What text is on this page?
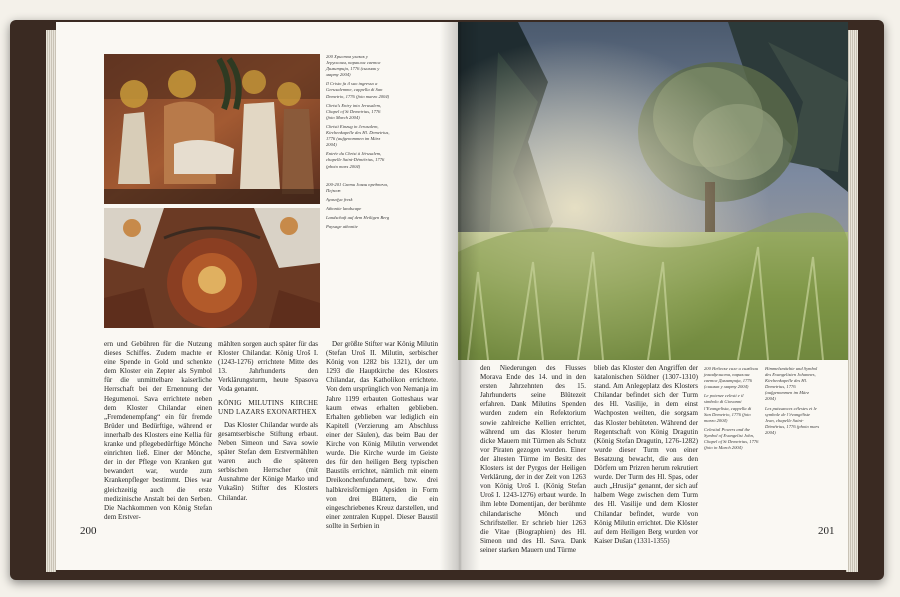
200 Христов улазак у Јерусалим, параклис светог Димитрија, 1776 (снимак у марту 2004)

Il Cristo fa il suo ingresso a Gerusalemme, cappella di San Demetrio, 1776 (foto marzo 2004)

Christ’s Entry into Jerusalem, Chapel of St Demetrius, 1776 (foto March 2004)

Christi Einzug in Jerusalem, Kirchenkapelle des Hl. Demetrius, 1776 (aufgenommen im März 2004)

Entrée du Christ à Jérusalem, chapelle Saint-Démétrius, 1776 (photo mars 2004)

200-201 Свети Јован предтеча, Пејзаж

Ayasofya fresk

Athonite landscape

Landschaft auf dem Heiligen Berg

Paysage athonite

ern und Gebühren für die Nutzung dieses Schiffes. Zudem machte er eine Spende in Gold und schenkte dem Kloster ein Zepter als Symbol für die unmittelbare kaiserliche Herrschaft bei der Ernennung der Hegumenoi. Sava errichtete neben dem Kloster Chilandar einen „Fremdenempfang“ ein für fremde Brüder und Bedürftige, während er innerhalb des Klosters eine Kellia für kranke und pflegebedürftige Mönche einrichten ließ. Einer der Mönche, der in der Pflege von Kranken gut bewandert war, wurde zum Krankenpfleger bestimmt. Dies war gleichzeitig auch die erste medizinische Anstalt bei den Serben. Die Nachkommen von König Stefan dem Erstver-

mählten sorgen auch später für das Kloster Chilandar. König Uroš I. (1243-1276) errichtete Mitte des 13. Jahrhunderts den Verklärungsturm, heute Spasova Voda genannt.

KÖNIG MILUTINS KIRCHE UND LAZARS EXONARTHEX

Das Kloster Chilandar wurde als gesamtserbische Stiftung erbaut. Neben Simeon und Sava sowie später Stefan dem Erstvermählten waren auch die späteren serbischen Herrscher (mit Ausnahme der Könige Marko und Vukašin) Stifter des Klosters Chilandar.

Der größte Stifter war König Milutin (Stefan Uroš II. Milutin, serbischer König von 1282 bis 1321), der um 1293 die Hauptkirche des Klosters Chilandar, das Katholikon errichtete. Von dem ursprünglich von Nemanja im Jahre 1199 erbauten Gotteshaus war kaum etwas erhalten geblieben. Erhalten geblieben war lediglich ein Kapitell (Verzierung am Abschluss einer der Säulen), das beim Bau der Kirche von König Milutin verwendet wurde. Die Kirche wurde im Geiste des für den heiligen Berg typischen Baustils errichtet, nämlich mit einem Dreikonchenfundament, bzw. drei halbkreisförmigen Apsiden in Form von drei Blättern, die ein eingeschriebenes Kreuz darstellen, und einer zentralen Kuppel. Dieser Baustil sollte in Serbien in

200

200 Небеске силе и симболи јеванђелиста, параклис светог Димитрија, 1776 (снимак у марту 2004)

Le potenze celesti e il simbolo di Giovanni l’Evangelista, cappella di San Demetrio, 1776 (foto marzo 2004)

Celestial Powers and the Symbol of Evangelist John, Chapel of St Demetrius, 1776 (foto in March 2004)

Himmelsmächte und Symbol des Evangelisten Johannes, Kirchenkapelle des Hl. Demetrius, 1776 (aufgenommen im März 2004)

Les puissances célestes et le symbole de l’évangéliste Jean, chapelle Saint-Démétrius, 1776 (photo mars 2004)

den Niederungen des Flusses Morava Ende des 14. und in den ersten Jahrzehnten des 15. Jahrhunderts seine Blütezeit erfahren. Dank Milutins Spenden wurden zudem ein Refektorium sowie zahlreiche Kellien errichtet, während um das Kloster herum dicke Mauern mit Türmen als Schutz vor Piraten gezogen wurden. Einer der ältesten Türme im Besitz des Klosters ist der Pyrgos der Heiligen Verklärung, der in der Zeit von 1263 von König Uroš I. (König Stefan Uroš I. 1243-1276) erbaut wurde. In ihm lebte Domentijan, der berühmte chilandarische Mönch und Schriftsteller. Er schrieb hier 1263 die Vitae (Biographien) des Hl. Simeon und des Hl. Sava. Dank seiner starken Mauern und Türme

blieb das Kloster den Angriffen der katalonischen Söldner (1307-1310) stand. Am Anlegeplatz des Klosters Chilandar befindet sich der Turm des Hl. Vasilije, in dem einst Wachposten weilten, die sorgsam das Kloster behüteten. Während der Regentschaft von König Dragutin (König Stefan Dragutin, 1276-1282) wurde dieser Turm von einer Besatzung bewacht, die aus den Dörfern um Prizren herum rekrutiert wurde. Der Turm des Hl. Spas, oder auch „Hrusija“ genannt, der sich auf halbem Wege zwischen dem Turm des Hl. Vasilije und dem Kloster Chilandar befindet, wurde von König Milutin errichtet. Die Klöster auf dem Heiligen Berg wurden vor Kaiser Dušan (1331-1355)

201
